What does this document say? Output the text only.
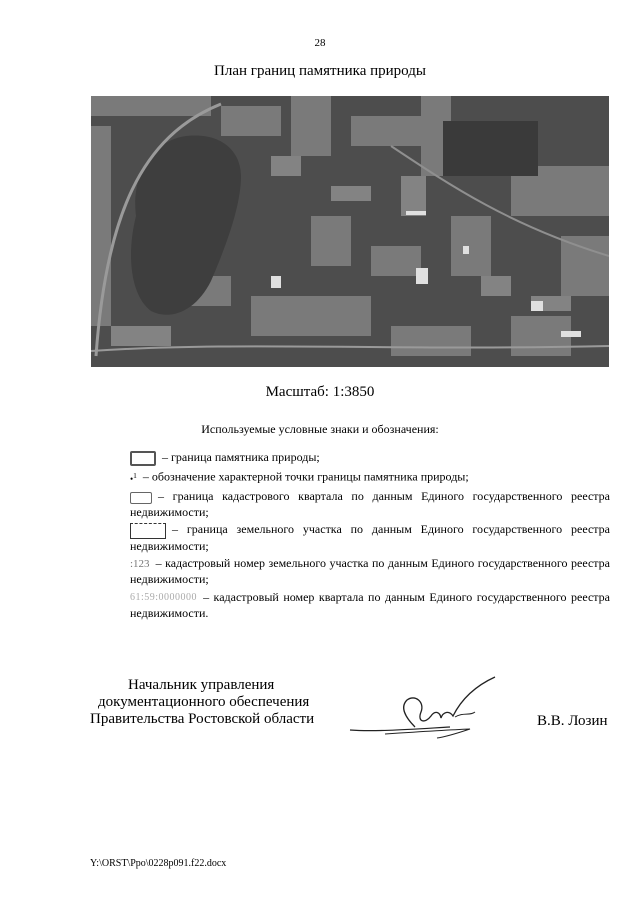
28
План границ памятника природы
Масштаб: 1:3850
Используемые условные знаки и обозначения:
– граница памятника природы;
•$^1$ – обозначение характерной точки границы памятника природы;
– граница кадастрового квартала по данным Единого государственного реестра недвижимости;
– граница земельного участка по данным Единого государственного реестра недвижимости;
:123 – кадастровый номер земельного участка по данным Единого государственного реестра недвижимости;
61:59:0000000 – кадастровый номер квартала по данным Единого государственного реестра недвижимости.
Начальник управления
документационного обеспечения
Правительства Ростовской области	В.В. Лозин
Y:\ORST\Ppo\0228p091.f22.docx
